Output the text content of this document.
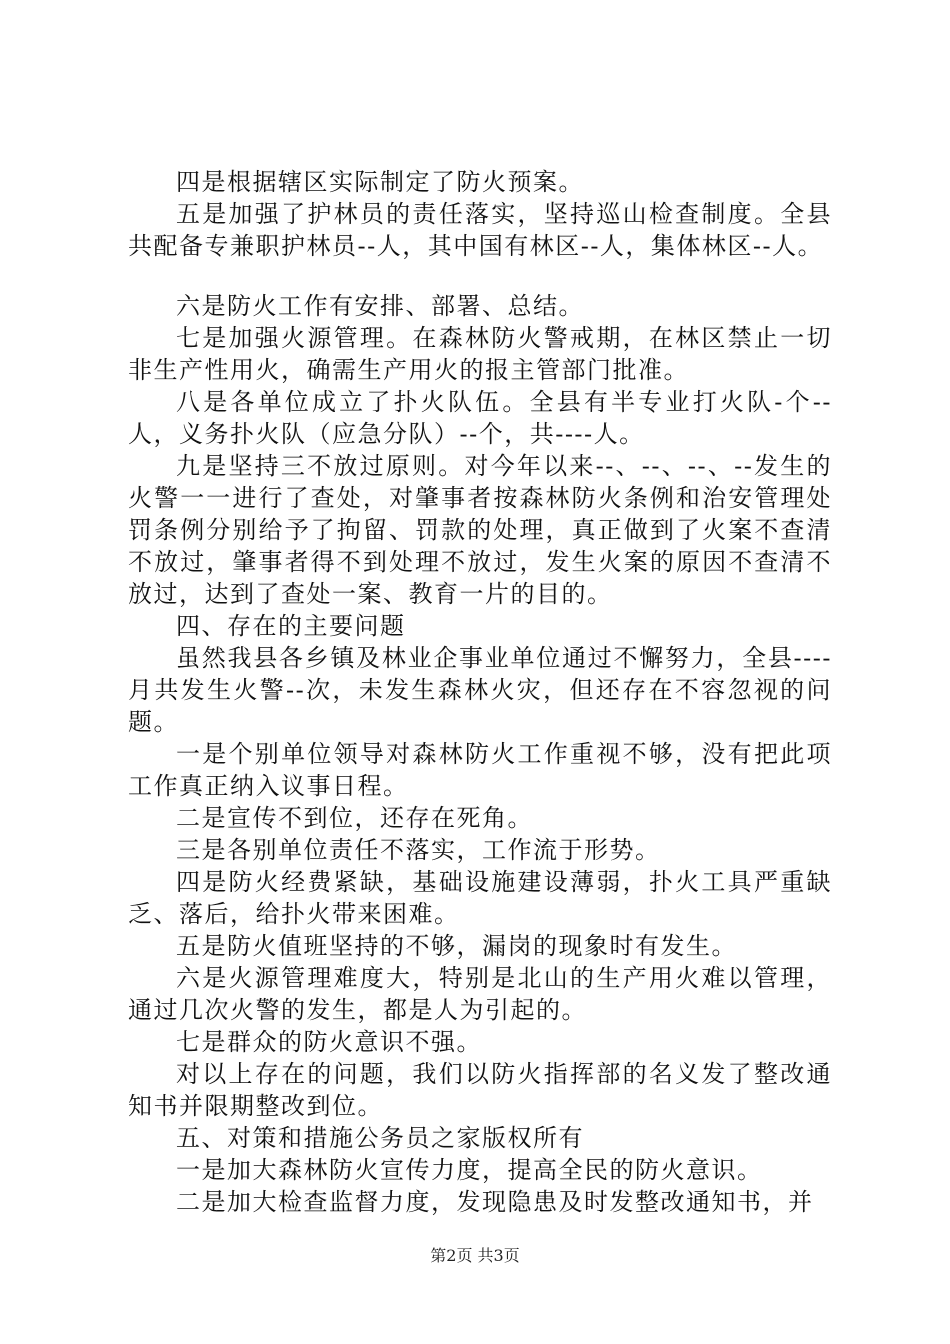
四是根据辖区实际制定了防火预案。

五是加强了护林员的责任落实，坚持巡山检查制度。全县共配备专兼职护林员--人，其中国有林区--人，集体林区--人。

六是防火工作有安排、部署、总结。

七是加强火源管理。在森林防火警戒期，在林区禁止一切非生产性用火，确需生产用火的报主管部门批准。

八是各单位成立了扑火队伍。全县有半专业打火队-个--人，义务扑火队（应急分队）--个，共----人。

九是坚持三不放过原则。对今年以来--、--、--、--发生的火警一一进行了查处，对肇事者按森林防火条例和治安管理处罚条例分别给予了拘留、罚款的处理，真正做到了火案不查清不放过，肇事者得不到处理不放过，发生火案的原因不查清不放过，达到了查处一案、教育一片的目的。

四、存在的主要问题

虽然我县各乡镇及林业企事业单位通过不懈努力，全县----月共发生火警--次，未发生森林火灾，但还存在不容忽视的问题。

一是个别单位领导对森林防火工作重视不够，没有把此项工作真正纳入议事日程。

二是宣传不到位，还存在死角。

三是各别单位责任不落实，工作流于形势。

四是防火经费紧缺，基础设施建设薄弱，扑火工具严重缺乏、落后，给扑火带来困难。

五是防火值班坚持的不够，漏岗的现象时有发生。

六是火源管理难度大，特别是北山的生产用火难以管理，通过几次火警的发生，都是人为引起的。

七是群众的防火意识不强。

对以上存在的问题，我们以防火指挥部的名义发了整改通知书并限期整改到位。

五、对策和措施公务员之家版权所有

一是加大森林防火宣传力度，提高全民的防火意识。

二是加大检查监督力度，发现隐患及时发整改通知书，并

第2页 共3页
